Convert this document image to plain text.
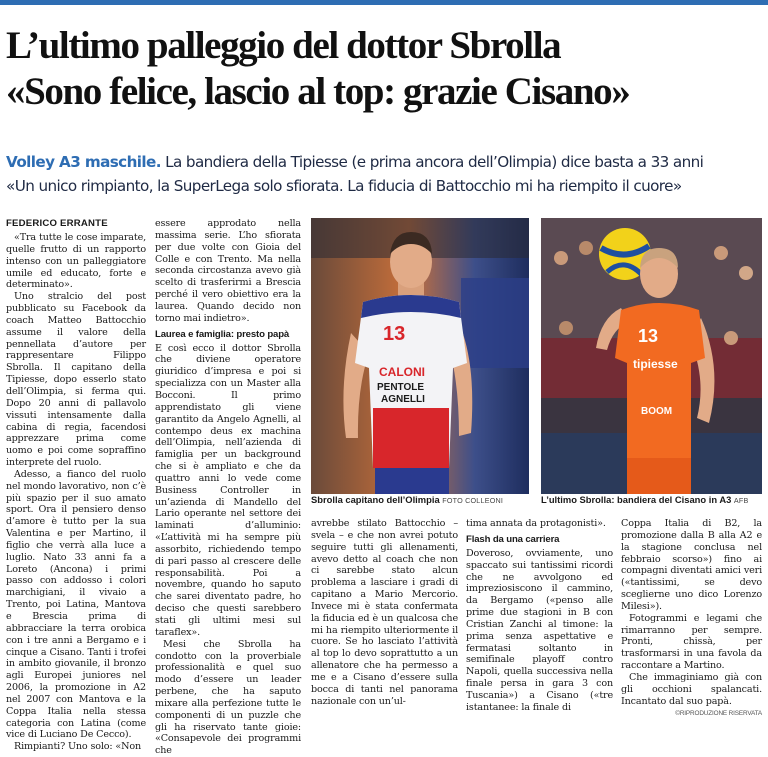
L’ultimo palleggio del dottor Sbrolla
«Sono felice, lascio al top: grazie Cisano»

Volley A3 maschile. La bandiera della Tipiesse (e prima ancora dell’Olimpia) dice basta a 33 anni

«Un unico rimpianto, la SuperLega solo sfiorata. La fiducia di Battocchio mi ha riempito il cuore»

FEDERICO ERRANTE

«Tra tutte le cose imparate, quelle frutto di un rapporto intenso con un palleggiatore umile ed educato, forte e determinato».

Uno stralcio del post pubblicato su Facebook da coach Matteo Battocchio assume il valore della pennellata d’autore per rappresentare Filippo Sbrolla. Il capitano della Tipiesse, dopo esserlo stato dell’Olimpia, si ferma qui. Dopo 20 anni di pallavolo vissuti intensamente dalla cabina di regia, facendosi apprezzare prima come uomo e poi come sopraffino interprete del ruolo.

Adesso, a fianco del ruolo nel mondo lavorativo, non c’è più spazio per il suo amato sport. Ora il pensiero denso d’amore è tutto per la sua Valentina e per Martino, il figlio che verrà alla luce a luglio. Nato 33 anni fa a Loreto (Ancona) i primi passo con addosso i colori marchigiani, il vivaio a Trento, poi Latina, Mantova e Brescia prima di abbracciare la terra orobica con i tre anni a Bergamo e i cinque a Cisano. Tanti i trofei in ambito giovanile, il bronzo agli Europei juniores nel 2006, la promozione in A2 nel 2007 con Mantova e la Coppa Italia nella stessa categoria con Latina (come vice di Luciano De Cecco).

Rimpianti? Uno solo: «Non

essere approdato nella massima serie. L’ho sfiorata per due volte con Gioia del Colle e con Trento. Ma nella seconda circostanza avevo già scelto di trasferirmi a Brescia perché il vero obiettivo era la laurea. Quando decido non torno mai indietro».

Laurea e famiglia: presto papà

E così ecco il dottor Sbrolla che diviene operatore giuridico d’impresa e poi si specializza con un Master alla Bocconi. Il primo apprendistato gli viene garantito da Angelo Agnelli, al contempo deus ex machina dell’Olimpia, nell’azienda di famiglia per un background che si è ampliato e che da quattro anni lo vede come Business Controller in un’azienda di Mandello del Lario operante nel settore dei laminati d’alluminio: «L’attività mi ha sempre più assorbito, richiedendo tempo di pari passo al crescere delle responsabilità. Poi a novembre, quando ho saputo che sarei diventato padre, ho deciso che questi sarebbero stati gli ultimi mesi sul taraflex».

Mesi che Sbrolla ha condotto con la proverbiale professionalità e quel suo modo d’essere un leader perbene, che ha saputo mixare alla perfezione tutte le componenti di un puzzle che gli ha riservato tante gioie: «Consapevole dei programmi che

13
CALONI
PENTOLE
AGNELLI
Sbrolla capitano dell’Olimpia FOTO COLLEONI
13
tipiesse
BOOM
L’ultimo Sbrolla: bandiera del Cisano in A3 AFB

avrebbe stilato Battocchio – svela – e che non avrei potuto seguire tutti gli allenamenti, avevo detto al coach che non ci sarebbe stato alcun problema a lasciare i gradi di capitano a Mario Mercorio. Invece mi è stata confermata la fiducia ed è un qualcosa che mi ha riempito ulteriormente il cuore. Se ho lasciato l’attività al top lo devo soprattutto a un allenatore che ha permesso a me e a Cisano d’essere sulla bocca di tanti nel panorama nazionale con un’ul-

tima annata da protagonisti».

Flash da una carriera

Doveroso, ovviamente, uno spaccato sui tantissimi ricordi che ne avvolgono ed impreziosiscono il cammino, da Bergamo («penso alle prime due stagioni in B con Cristian Zanchi al timone: la prima senza aspettative e fermatasi soltanto in semifinale playoff contro Napoli, quella successiva nella finale persa in gara 3 con Tuscania») a Cisano («tre istantanee: la finale di

Coppa Italia di B2, la promozione dalla B alla A2 e la stagione conclusa nel febbraio scorso») fino ai compagni diventati amici veri («tantissimi, se devo sceglierne uno dico Lorenzo Milesi»).

Fotogrammi e legami che rimarranno per sempre. Pronti, chissà, per trasformarsi in una favola da raccontare a Martino.

Che immaginiamo già con gli occhioni spalancati. Incantato dal suo papà.

©RIPRODUZIONE RISERVATA
